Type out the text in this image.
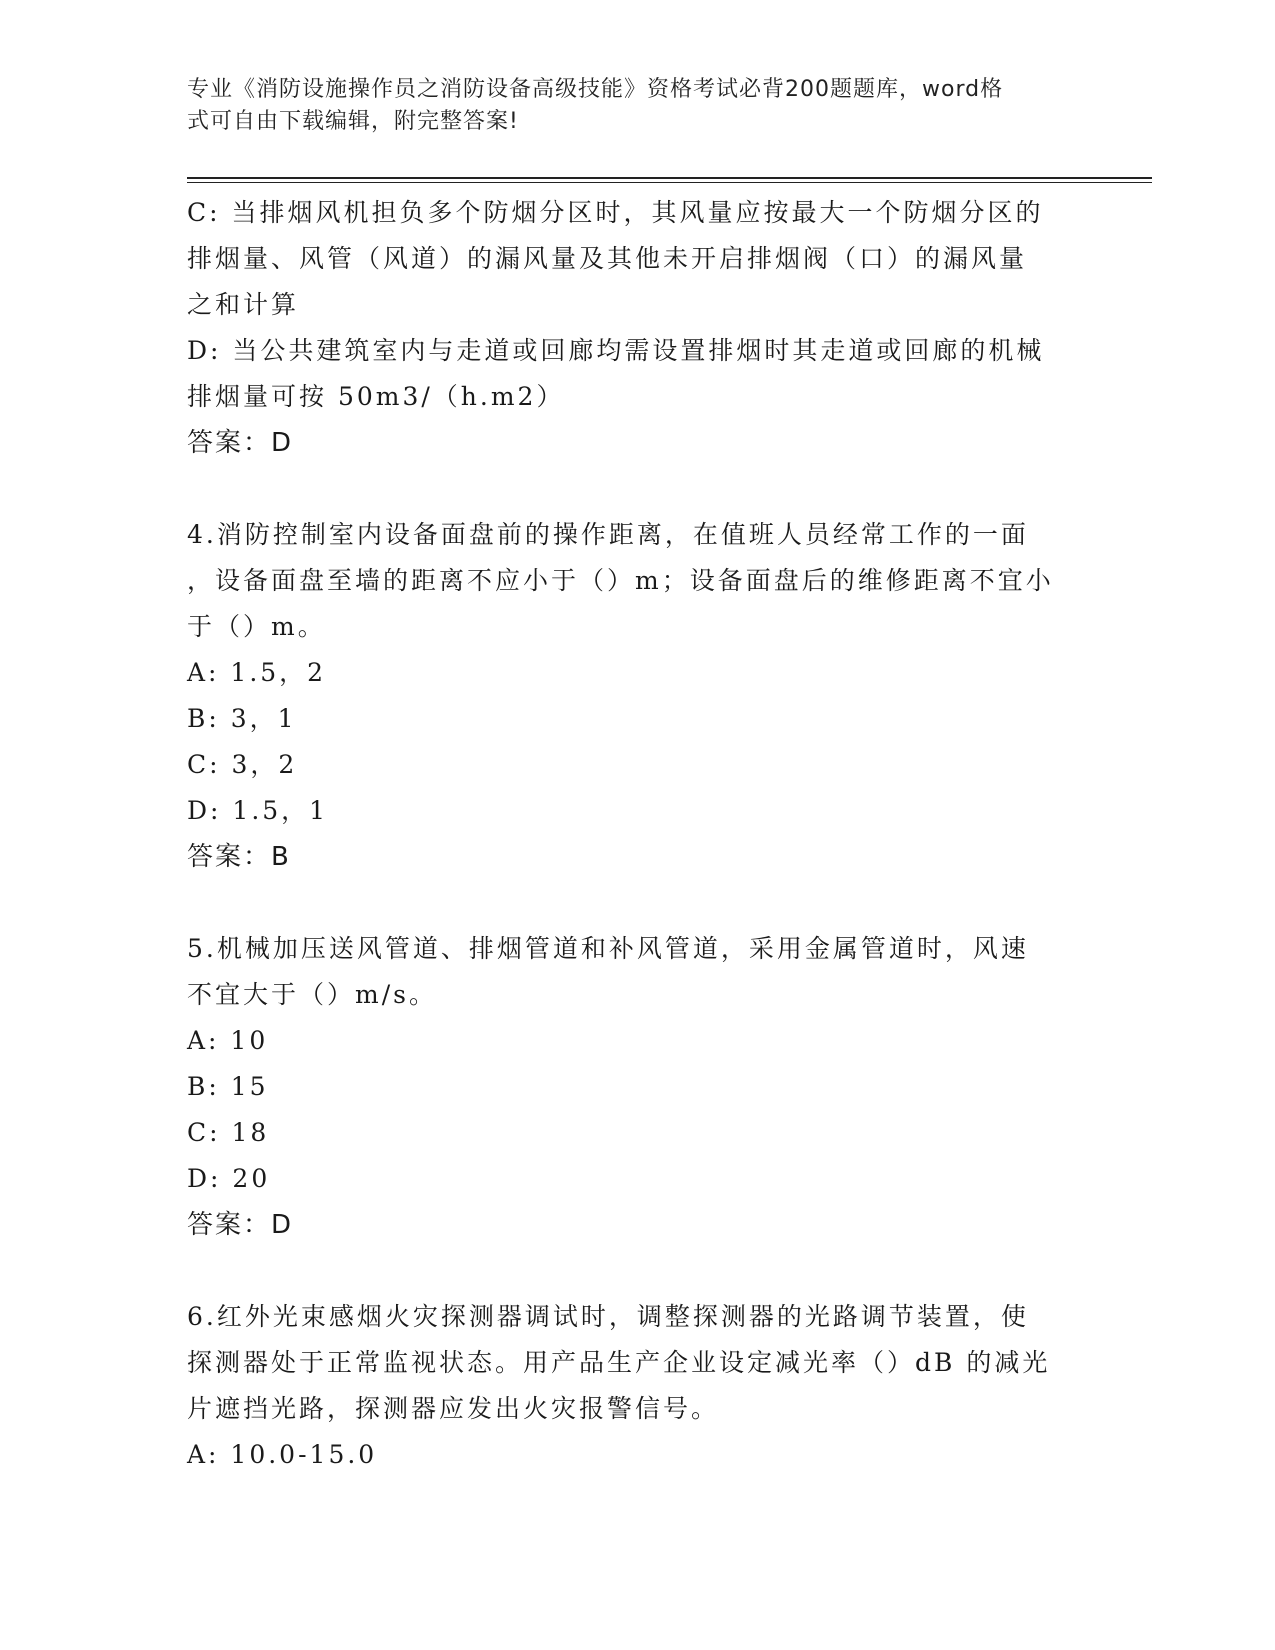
专业《消防设施操作员之消防设备高级技能》资格考试必背200题题库，word格
式可自由下载编辑，附完整答案!
C: 当排烟风机担负多个防烟分区时，其风量应按最大一个防烟分区的
排烟量、风管（风道）的漏风量及其他未开启排烟阀（口）的漏风量
之和计算
D: 当公共建筑室内与走道或回廊均需设置排烟时其走道或回廊的机械
排烟量可按 50m3/（h.m2）
答案：D
4.消防控制室内设备面盘前的操作距离，在值班人员经常工作的一面
，设备面盘至墙的距离不应小于（）m；设备面盘后的维修距离不宜小
于（）m。
A: 1.5，2
B: 3，1
C: 3，2
D: 1.5，1
答案：B
5.机械加压送风管道、排烟管道和补风管道，采用金属管道时，风速
不宜大于（）m/s。
A: 10
B: 15
C: 18
D: 20
答案：D
6.红外光束感烟火灾探测器调试时，调整探测器的光路调节装置，使
探测器处于正常监视状态。用产品生产企业设定减光率（）dB 的减光
片遮挡光路，探测器应发出火灾报警信号。
A: 10.0-15.0
